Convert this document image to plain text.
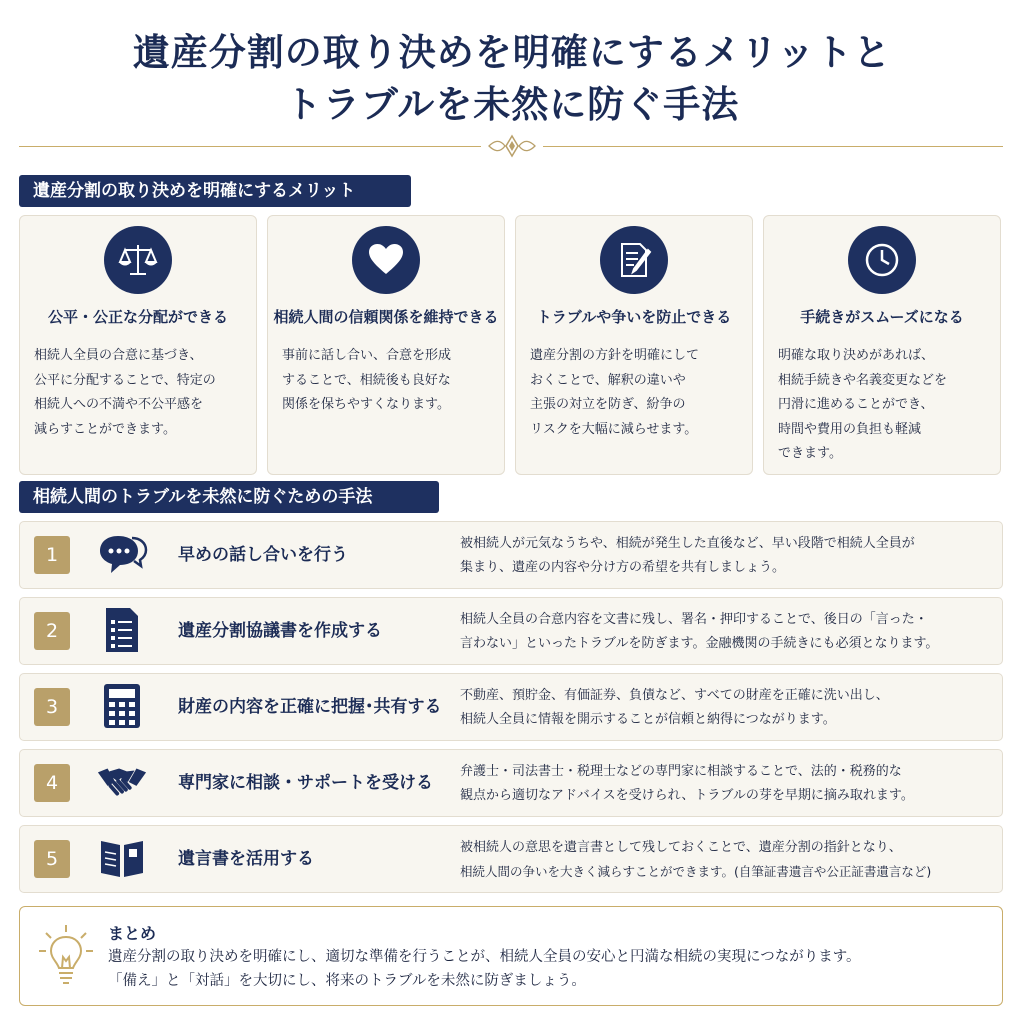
遺産分割の取り決めを明確にするメリットと
トラブルを未然に防ぐ手法
遺産分割の取り決めを明確にするメリット
公平・公正な分配ができる
相続人全員の合意に基づき、
公平に分配することで、特定の
相続人への不満や不公平感を
減らすことができます。
相続人間の信頼関係を維持できる
事前に話し合い、合意を形成
することで、相続後も良好な
関係を保ちやすくなります。
トラブルや争いを防止できる
遺産分割の方針を明確にして
おくことで、解釈の違いや
主張の対立を防ぎ、紛争の
リスクを大幅に減らせます。
手続きがスムーズになる
明確な取り決めがあれば、
相続手続きや名義変更などを
円滑に進めることができ、
時間や費用の負担も軽減
できます。
相続人間のトラブルを未然に防ぐための手法
1	早めの話し合いを行う
被相続人が元気なうちや、相続が発生した直後など、早い段階で相続人全員が
集まり、遺産の内容や分け方の希望を共有しましょう。
2	遺産分割協議書を作成する
相続人全員の合意内容を文書に残し、署名・押印することで、後日の「言った・
言わない」といったトラブルを防ぎます。金融機関の手続きにも必須となります。
3	財産の内容を正確に把握･共有する
不動産、預貯金、有価証券、負債など、すべての財産を正確に洗い出し、
相続人全員に情報を開示することが信頼と納得につながります。
4	専門家に相談・サポートを受ける
弁護士・司法書士・税理士などの専門家に相談することで、法的・税務的な
観点から適切なアドバイスを受けられ、トラブルの芽を早期に摘み取れます。
5	遺言書を活用する
被相続人の意思を遺言書として残しておくことで、遺産分割の指針となり、
相続人間の争いを大きく減らすことができます。(自筆証書遺言や公正証書遺言など)
まとめ
遺産分割の取り決めを明確にし、適切な準備を行うことが、相続人全員の安心と円満な相続の実現につながります。
「備え」と「対話」を大切にし、将来のトラブルを未然に防ぎましょう。
